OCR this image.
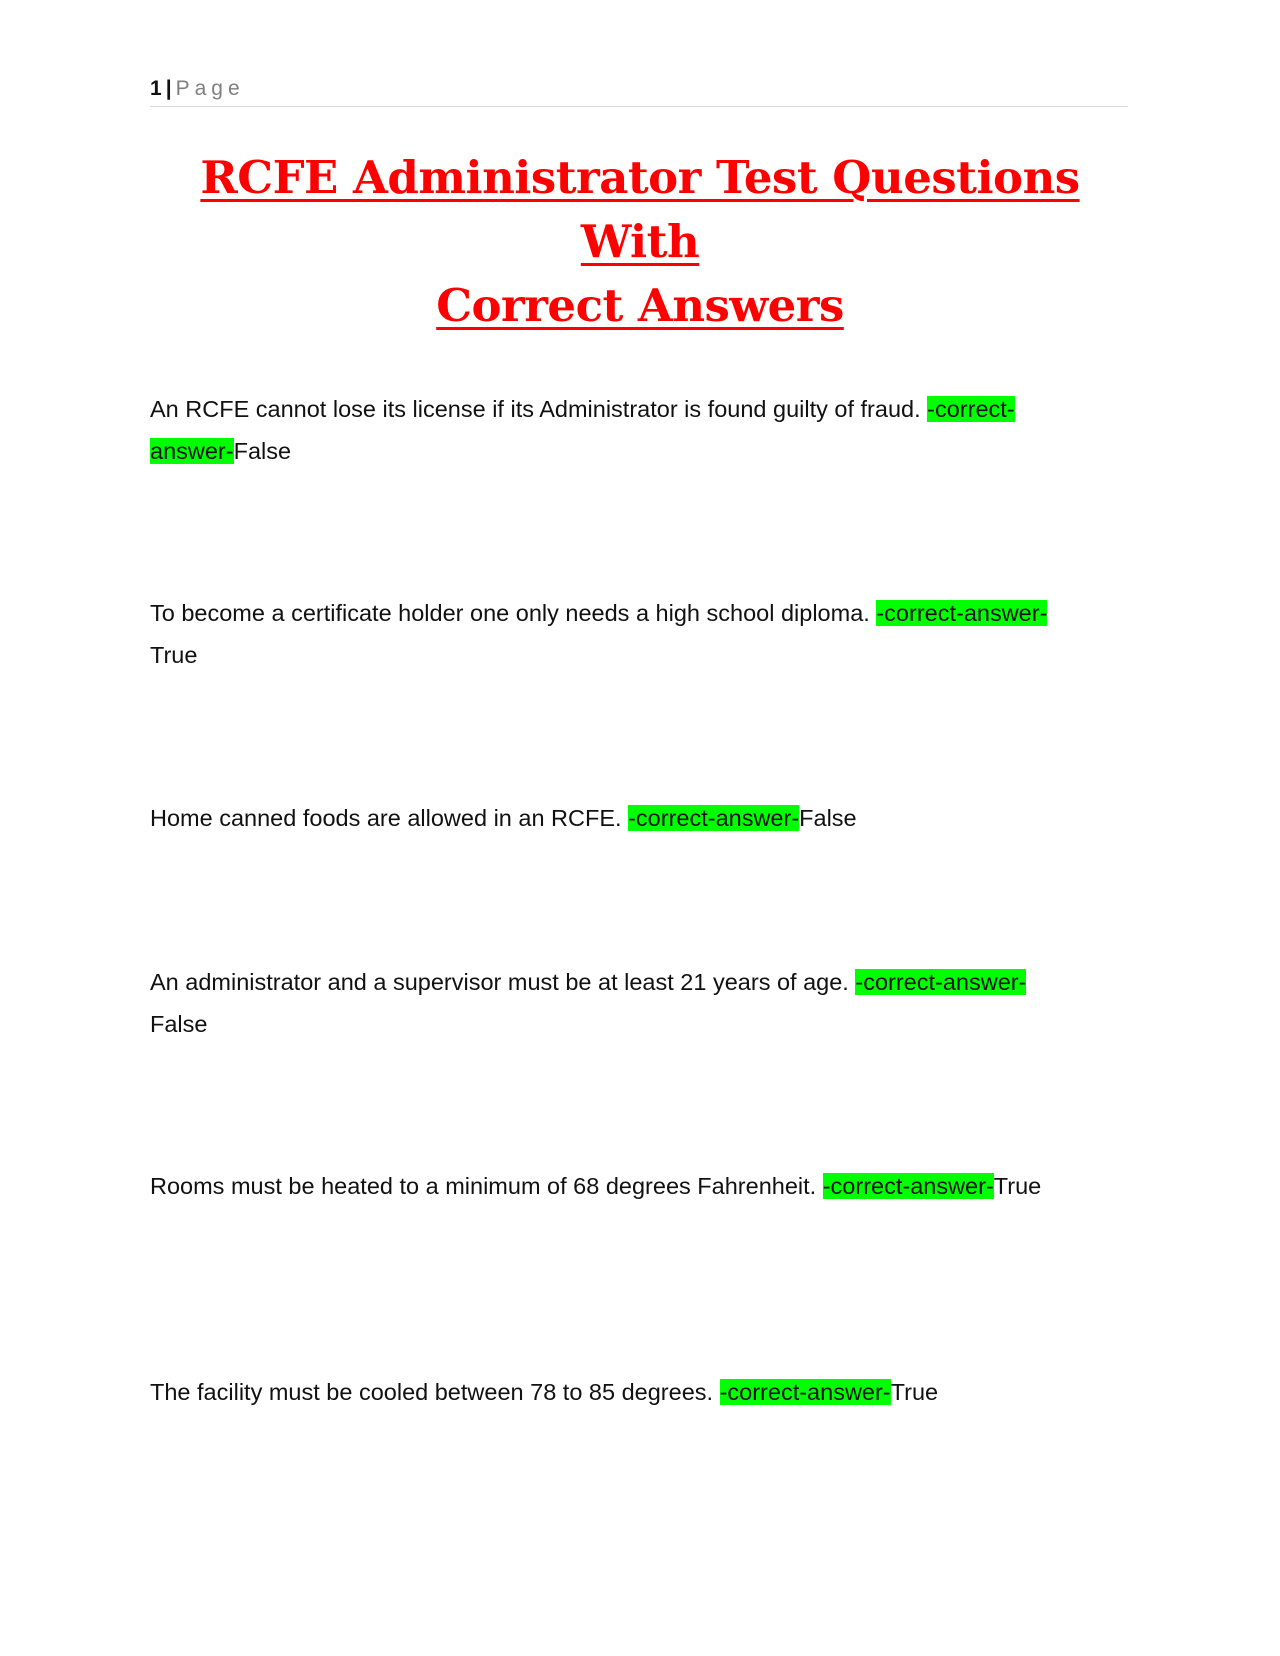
1 | Page
RCFE Administrator Test Questions With
Correct Answers

An RCFE cannot lose its license if its Administrator is found guilty of fraud. -correct-answer-False

To become a certificate holder one only needs a high school diploma. -correct-answer-True

Home canned foods are allowed in an RCFE. -correct-answer-False

An administrator and a supervisor must be at least 21 years of age. -correct-answer-False

Rooms must be heated to a minimum of 68 degrees Fahrenheit. -correct-answer-True

The facility must be cooled between 78 to 85 degrees. -correct-answer-True
